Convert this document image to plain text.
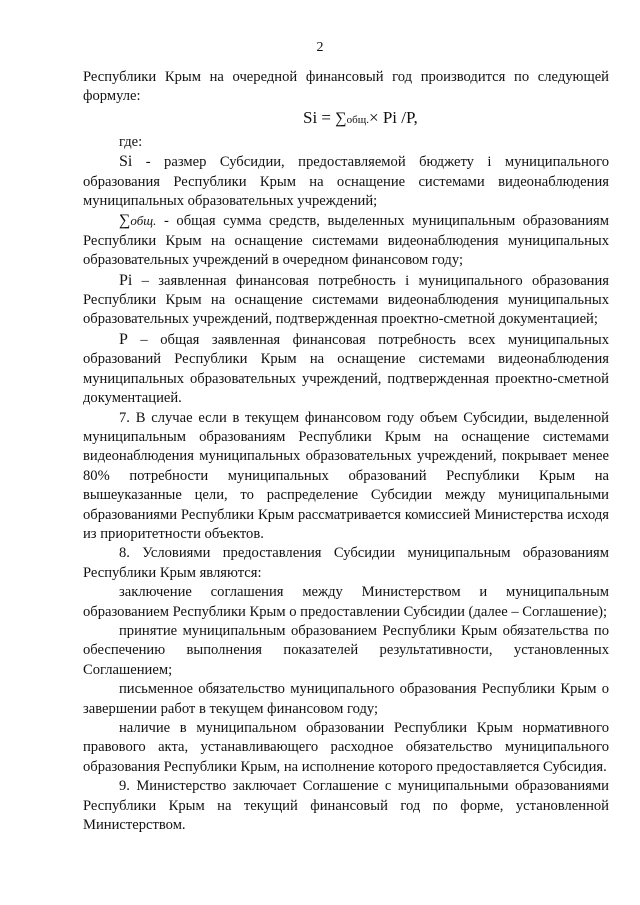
2

Республики Крым на очередной финансовый год производится по следующей формуле:

Si = ∑общ.× Pi /P,

где:

Si - размер Субсидии, предоставляемой бюджету i муниципального образования Республики Крым на оснащение системами видеонаблюдения муниципальных образовательных учреждений;

∑общ. - общая сумма средств, выделенных муниципальным образованиям Республики Крым на оснащение системами видеонаблюдения муниципальных образовательных учреждений в очередном финансовом году;

Pi – заявленная финансовая потребность i муниципального образования Республики Крым на оснащение системами видеонаблюдения муниципальных образовательных учреждений, подтвержденная проектно-сметной документацией;

P – общая заявленная финансовая потребность всех муниципальных образований Республики Крым на оснащение системами видеонаблюдения муниципальных образовательных учреждений, подтвержденная проектно-сметной документацией.

7. В случае если в текущем финансовом году объем Субсидии, выделенной муниципальным образованиям Республики Крым на оснащение системами видеонаблюдения муниципальных образовательных учреждений, покрывает менее 80% потребности муниципальных образований Республики Крым на вышеуказанные цели, то распределение Субсидии между муниципальными образованиями Республики Крым рассматривается комиссией Министерства исходя из приоритетности объектов.

8. Условиями предоставления Субсидии муниципальным образованиям Республики Крым являются:

заключение соглашения между Министерством и муниципальным образованием Республики Крым о предоставлении Субсидии (далее – Соглашение);

принятие муниципальным образованием Республики Крым обязательства по обеспечению выполнения показателей результативности, установленных Соглашением;

письменное обязательство муниципального образования Республики Крым о завершении работ в текущем финансовом году;

наличие в муниципальном образовании Республики Крым нормативного правового акта, устанавливающего расходное обязательство муниципального образования Республики Крым, на исполнение которого предоставляется Субсидия.

9. Министерство заключает Соглашение с муниципальными образованиями Республики Крым на текущий финансовый год по форме, установленной Министерством.
